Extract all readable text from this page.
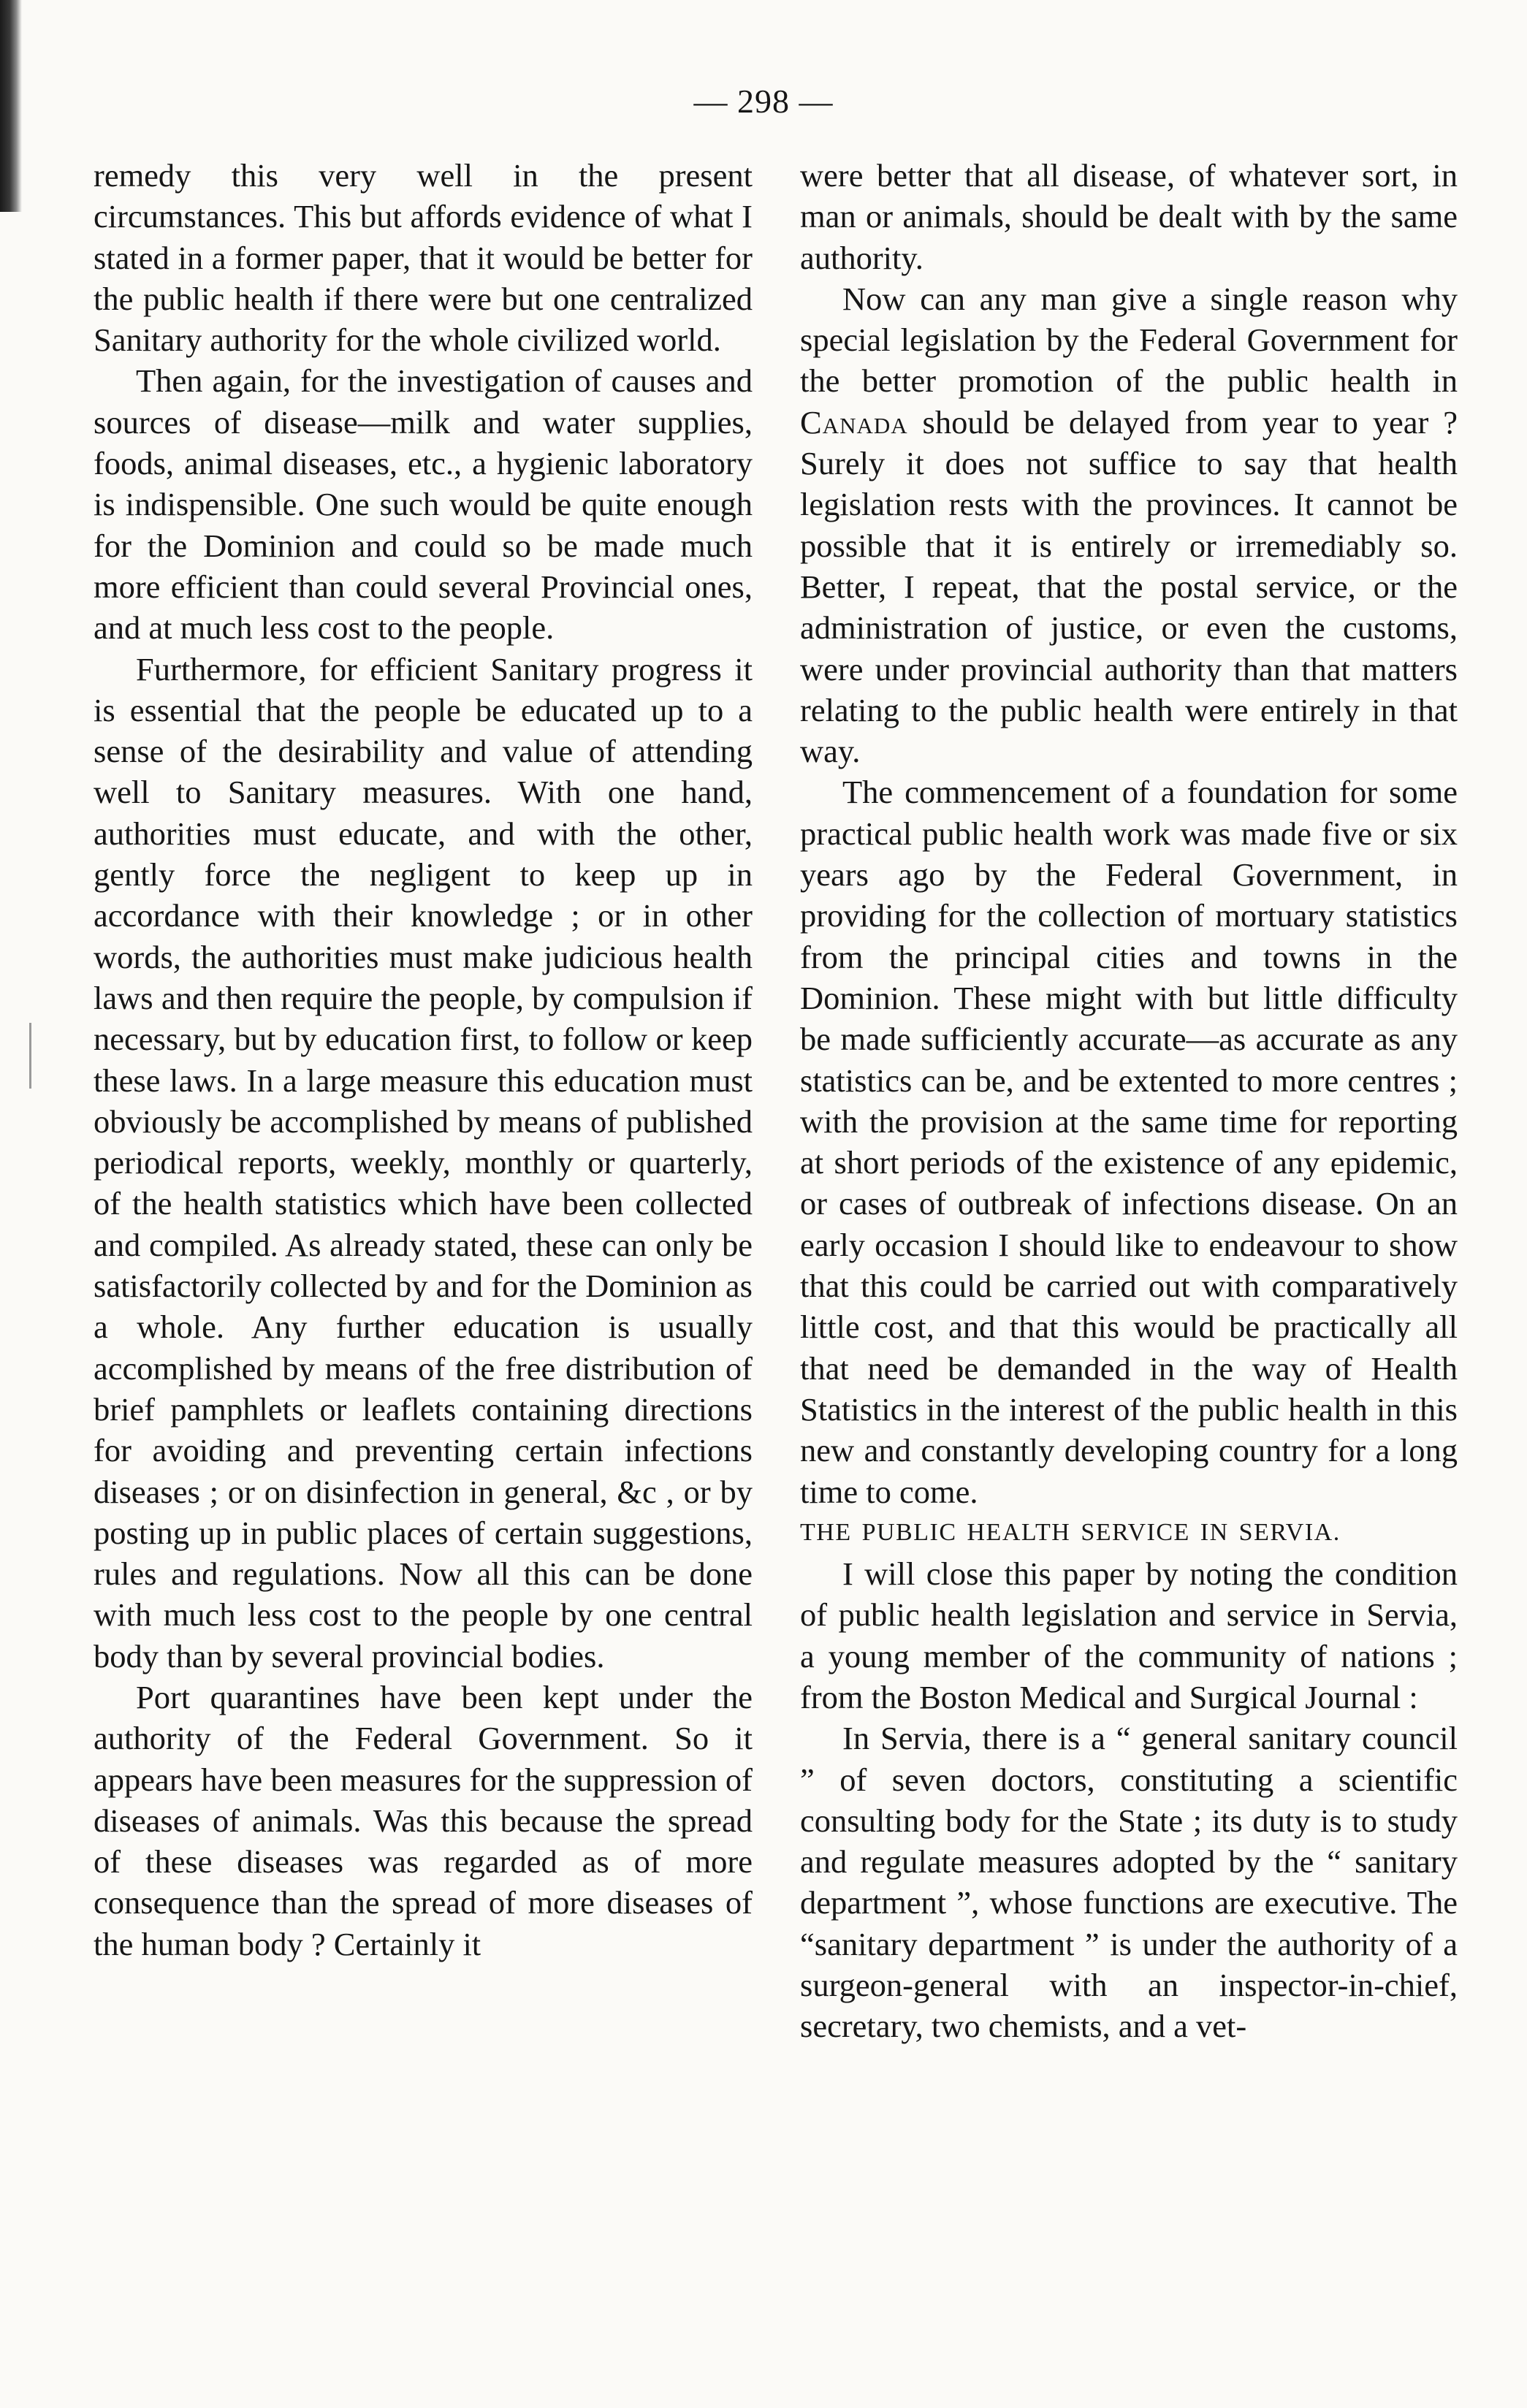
— 298 —

remedy this very well in the present circumstances. This but affords evidence of what I stated in a former paper, that it would be better for the public health if there were but one centralized Sanitary authority for the whole civilized world.

Then again, for the investigation of causes and sources of disease—milk and water supplies, foods, animal diseases, etc., a hygienic laboratory is indispensible. One such would be quite enough for the Dominion and could so be made much more efficient than could several Provincial ones, and at much less cost to the people.

Furthermore, for efficient Sanitary progress it is essential that the people be educated up to a sense of the desirability and value of attending well to Sanitary measures. With one hand, authorities must educate, and with the other, gently force the negligent to keep up in accordance with their knowledge ; or in other words, the authorities must make judicious health laws and then require the people, by compulsion if necessary, but by education first, to follow or keep these laws. In a large measure this education must obviously be accomplished by means of published periodical reports, weekly, monthly or quarterly, of the health statistics which have been collected and compiled. As already stated, these can only be satisfactorily collected by and for the Dominion as a whole. Any further education is usually accomplished by means of the free distribution of brief pamphlets or leaflets containing directions for avoiding and preventing certain infections diseases ; or on disinfection in general, &c , or by posting up in public places of certain suggestions, rules and regulations. Now all this can be done with much less cost to the people by one central body than by several provincial bodies.

Port quarantines have been kept under the authority of the Federal Government. So it appears have been measures for the suppression of diseases of animals. Was this because the spread of these diseases was regarded as of more consequence than the spread of more diseases of the human body ? Certainly it

were better that all disease, of whatever sort, in man or animals, should be dealt with by the same authority.

Now can any man give a single reason why special legislation by the Federal Government for the better promotion of the public health in Canada should be delayed from year to year ? Surely it does not suffice to say that health legislation rests with the provinces. It cannot be possible that it is entirely or irremediably so. Better, I repeat, that the postal service, or the administration of justice, or even the customs, were under provincial authority than that matters relating to the public health were entirely in that way.

The commencement of a foundation for some practical public health work was made five or six years ago by the Federal Government, in providing for the collection of mortuary statistics from the principal cities and towns in the Dominion. These might with but little difficulty be made sufficiently accurate—as accurate as any statistics can be, and be extented to more centres ; with the provision at the same time for reporting at short periods of the existence of any epidemic, or cases of outbreak of infections disease. On an early occasion I should like to endeavour to show that this could be carried out with comparatively little cost, and that this would be practically all that need be demanded in the way of Health Statistics in the interest of the public health in this new and constantly developing country for a long time to come.

THE PUBLIC HEALTH SERVICE IN SERVIA.

I will close this paper by noting the condition of public health legislation and service in Servia, a young member of the community of nations ; from the Boston Medical and Surgical Journal :

In Servia, there is a “ general sanitary council ” of seven doctors, constituting a scientific consulting body for the State ; its duty is to study and regulate measures adopted by the “ sanitary department ”, whose functions are executive. The “sanitary department ” is under the authority of a surgeon-general with an inspector-in-chief, secretary, two chemists, and a vet-
